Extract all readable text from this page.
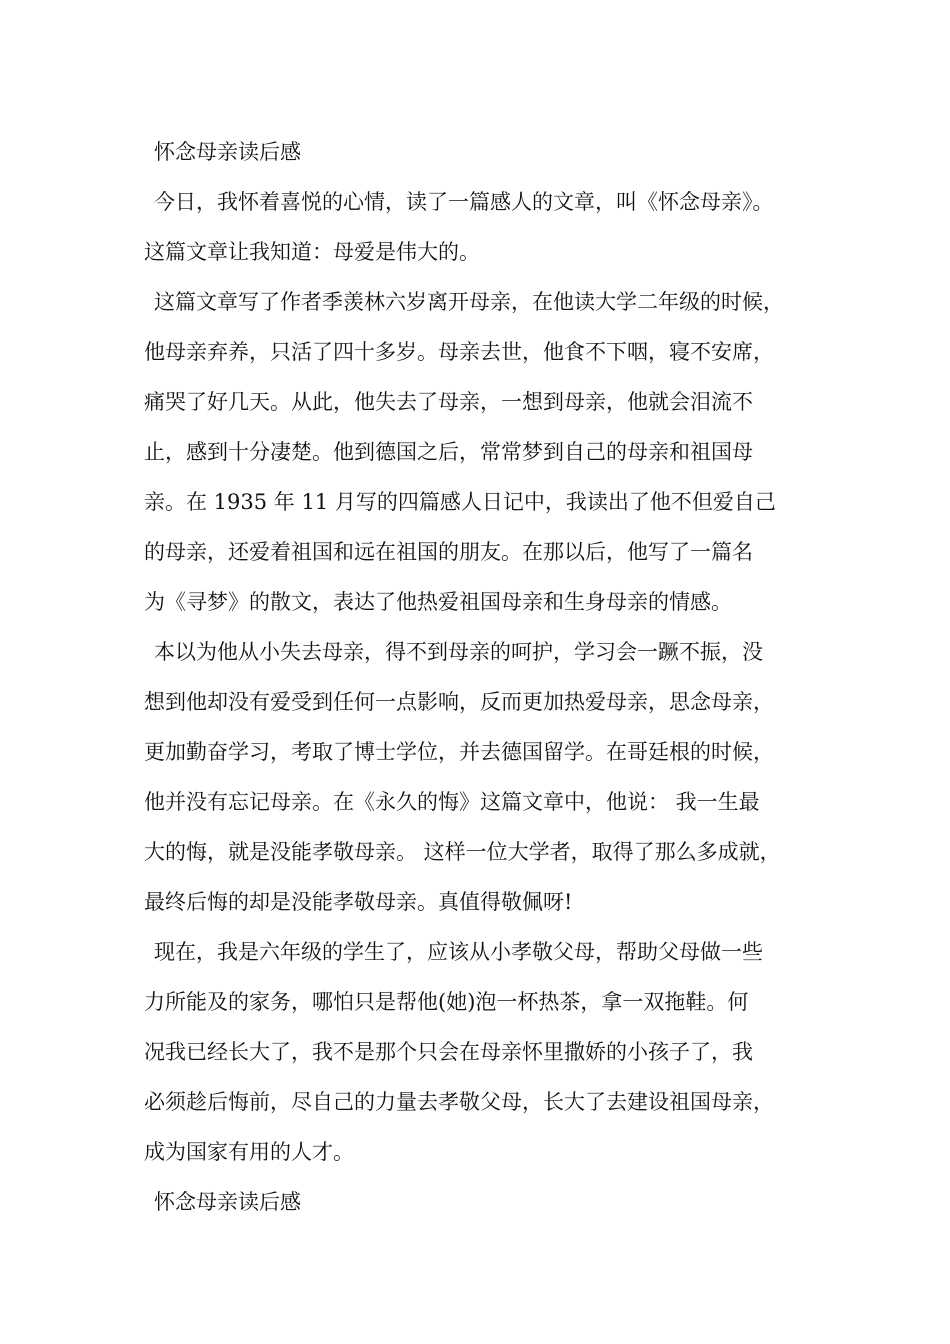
怀念母亲读后感
今日，我怀着喜悦的心情，读了一篇感人的文章，叫《怀念母亲》。
这篇文章让我知道：母爱是伟大的。
这篇文章写了作者季羡林六岁离开母亲，在他读大学二年级的时候，
他母亲弃养，只活了四十多岁。母亲去世，他食不下咽，寝不安席，
痛哭了好几天。从此，他失去了母亲，一想到母亲，他就会泪流不
止，感到十分凄楚。他到德国之后，常常梦到自己的母亲和祖国母
亲。在 1935 年 11 月写的四篇感人日记中，我读出了他不但爱自己
的母亲，还爱着祖国和远在祖国的朋友。在那以后，他写了一篇名
为《寻梦》的散文，表达了他热爱祖国母亲和生身母亲的情感。
本以为他从小失去母亲，得不到母亲的呵护，学习会一蹶不振，没
想到他却没有爱受到任何一点影响，反而更加热爱母亲，思念母亲，
更加勤奋学习，考取了博士学位，并去德国留学。在哥廷根的时候，
他并没有忘记母亲。在《永久的悔》这篇文章中，他说： 我一生最
大的悔，就是没能孝敬母亲。 这样一位大学者，取得了那么多成就，
最终后悔的却是没能孝敬母亲。真值得敬佩呀!
现在，我是六年级的学生了，应该从小孝敬父母，帮助父母做一些
力所能及的家务，哪怕只是帮他(她)泡一杯热茶，拿一双拖鞋。何
况我已经长大了，我不是那个只会在母亲怀里撒娇的小孩子了，我
必须趁后悔前，尽自己的力量去孝敬父母，长大了去建设祖国母亲，
成为国家有用的人才。
怀念母亲读后感
